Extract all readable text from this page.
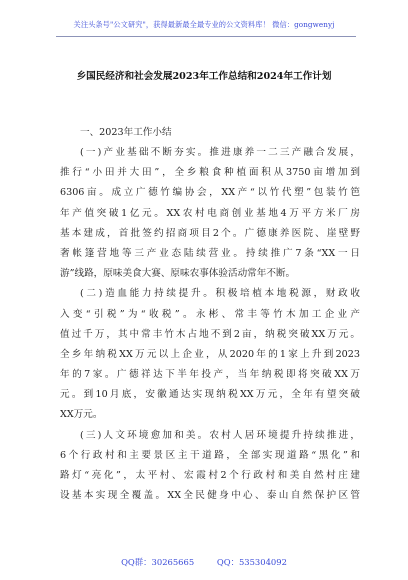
关注头条号"公文研究"，获得最新最全最专业的公文资料库！ 微信：gongwenyj
乡国民经济和社会发展2023年工作总结和2024年工作计划
一、2023年工作小结
(一)产业基础不断夯实。推进康养一二三产融合发展，
推行“小田并大田”，全乡粮食种植面积从3750亩增加到
6306亩。成立广德竹编协会，XX产“以竹代塑”包装竹笆
年产值突破1亿元。XX农村电商创业基地4万平方米厂房
基本建成，首批签约招商项目2个。广德康养医院、崖壁野
奢帐篷营地等三产业态陆续营业。持续推广7条“XX一日
游”线路，原味美食大赛、原味农事体验活动常年不断。
(二)造血能力持续提升。积极培植本地税源，财政收
入变“引税”为“收税”。永彬、常丰等竹木加工企业产
值过千万，其中常丰竹木占地不到2亩，纳税突破XX万元。
全乡年纳税XX万元以上企业，从2020年的1家上升到2023
年的7家。广德祥达下半年投产，当年纳税即将突破XX万
元。到10月底，安徽通达实现纳税XX万元，全年有望突破
XX万元。
(三)人文环境愈加和美。农村人居环境提升持续推进，
6个行政村和主要景区主干道路，全部实现道路“黑化”和
路灯“亮化”，太平村、宏霞村2个行政村和美自然村庄建
设基本实现全覆盖。XX全民健身中心、泰山自然保护区管
QQ群：30265665	QQ：535304092
